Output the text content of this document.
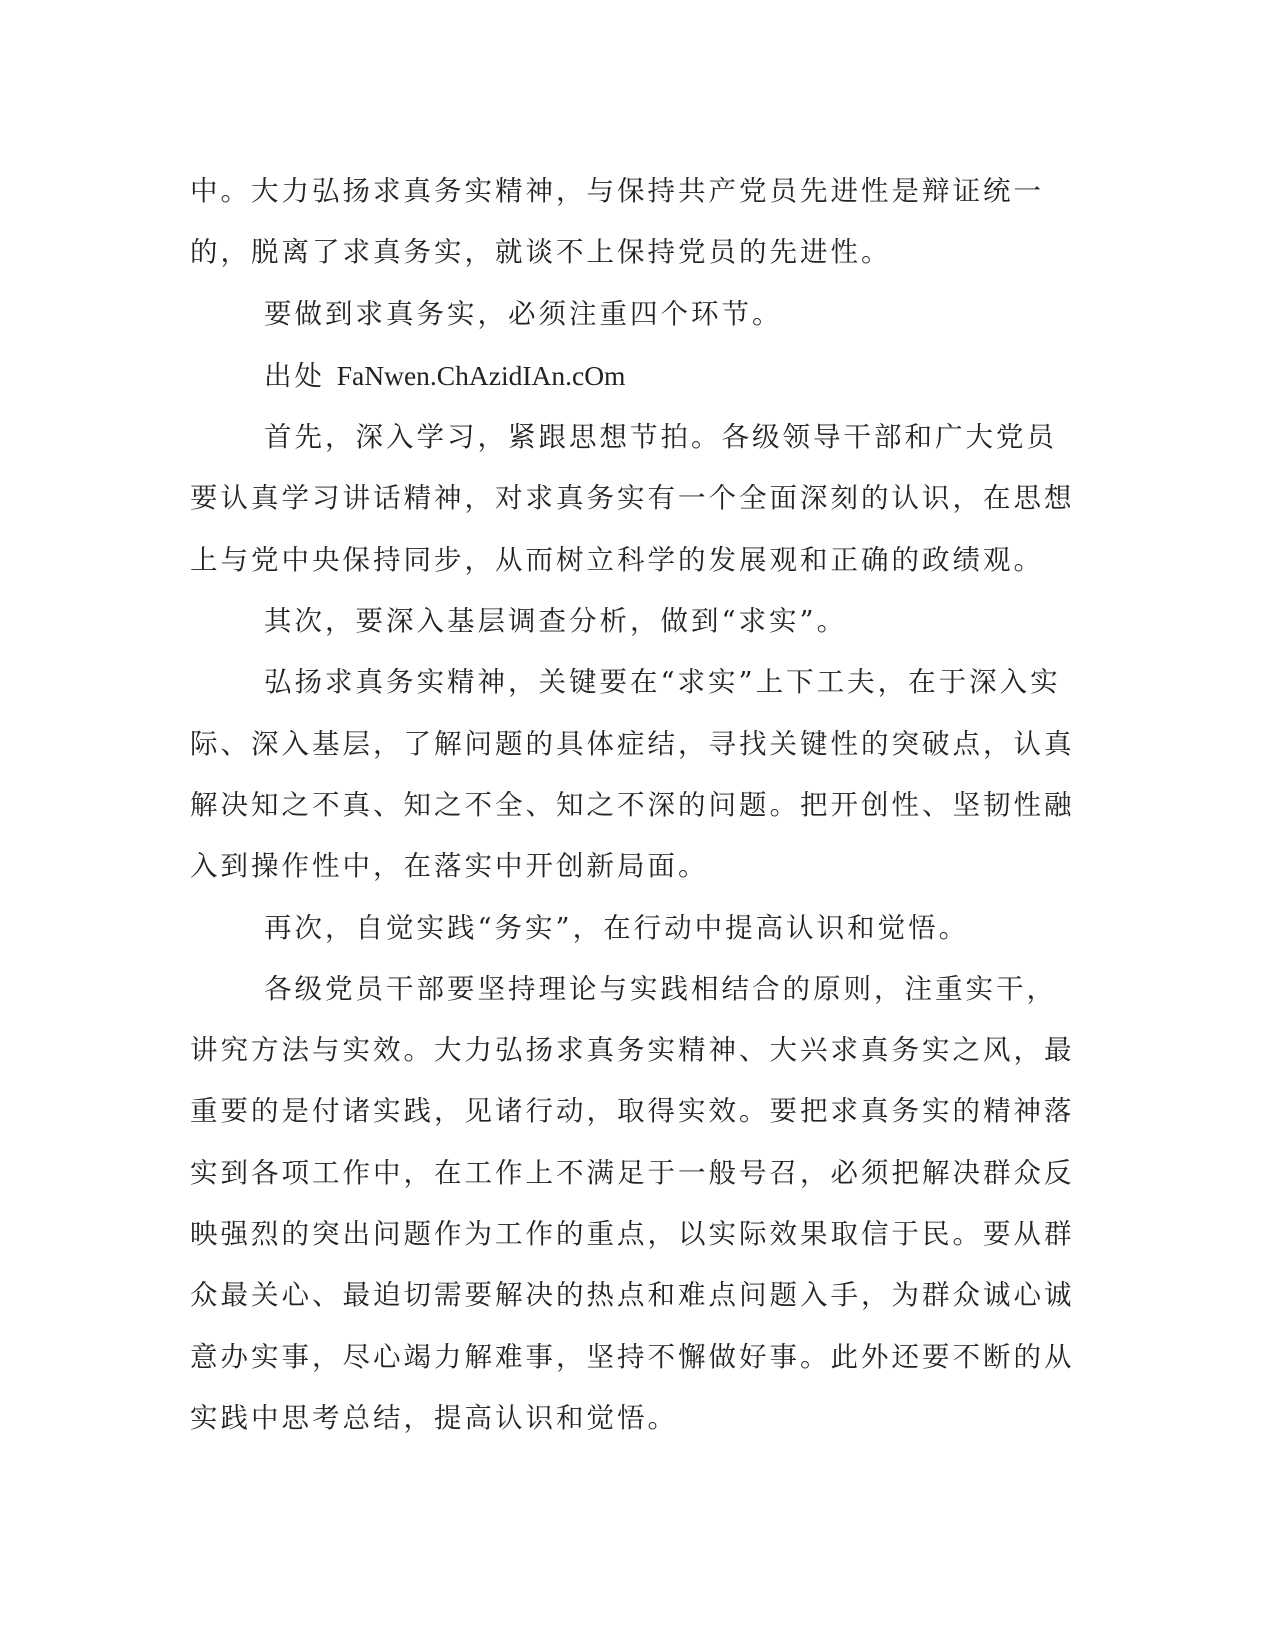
中。大力弘扬求真务实精神，与保持共产党员先进性是辩证统一的，脱离了求真务实，就谈不上保持党员的先进性。

要做到求真务实，必须注重四个环节。

出处 FaNwen.ChAzidIAn.cOm

首先，深入学习，紧跟思想节拍。各级领导干部和广大党员要认真学习讲话精神，对求真务实有一个全面深刻的认识，在思想上与党中央保持同步，从而树立科学的发展观和正确的政绩观。

其次，要深入基层调查分析，做到“求实”。

弘扬求真务实精神，关键要在“求实”上下工夫，在于深入实际、深入基层，了解问题的具体症结，寻找关键性的突破点，认真解决知之不真、知之不全、知之不深的问题。把开创性、坚韧性融入到操作性中，在落实中开创新局面。

再次，自觉实践“务实”，在行动中提高认识和觉悟。

各级党员干部要坚持理论与实践相结合的原则，注重实干，讲究方法与实效。大力弘扬求真务实精神、大兴求真务实之风，最重要的是付诸实践，见诸行动，取得实效。要把求真务实的精神落实到各项工作中，在工作上不满足于一般号召，必须把解决群众反映强烈的突出问题作为工作的重点，以实际效果取信于民。要从群众最关心、最迫切需要解决的热点和难点问题入手，为群众诚心诚意办实事，尽心竭力解难事，坚持不懈做好事。此外还要不断的从实践中思考总结，提高认识和觉悟。
